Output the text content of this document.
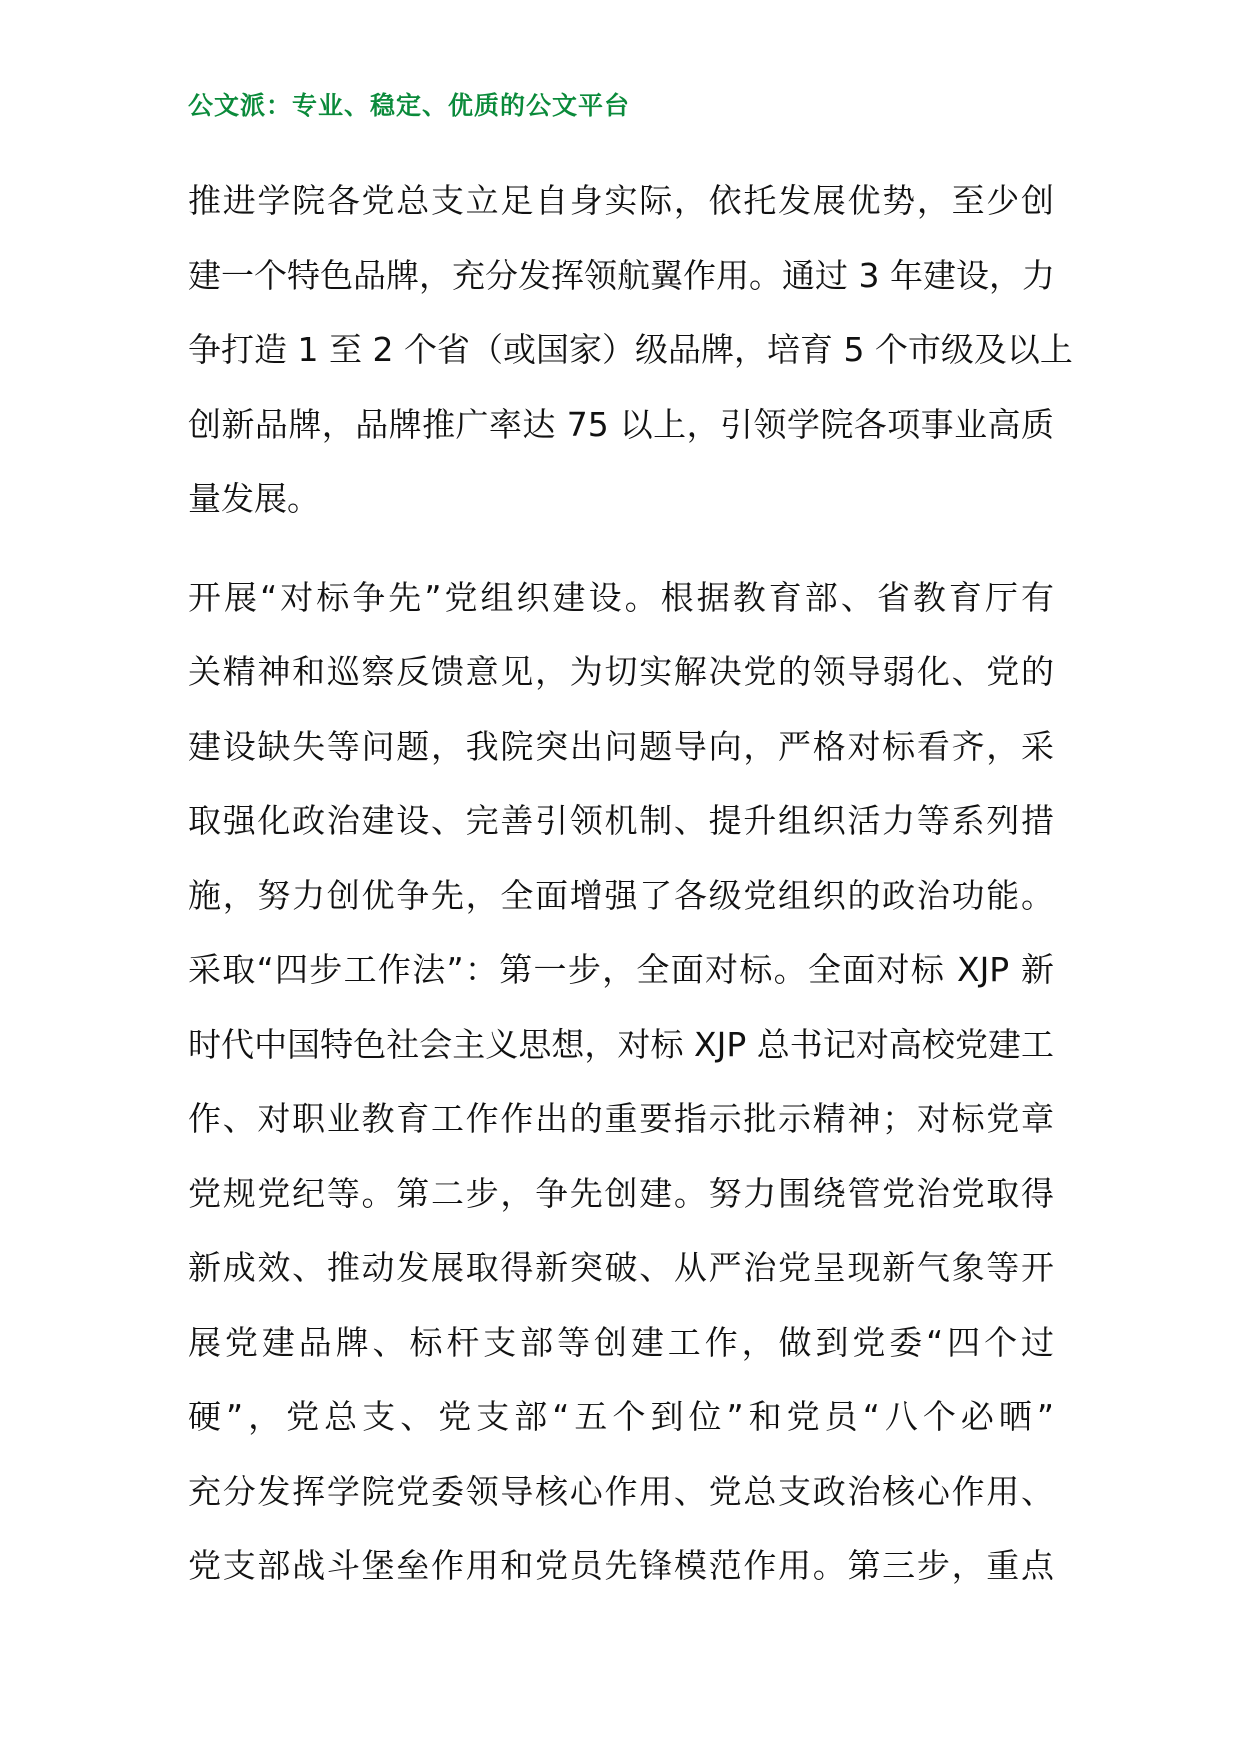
公文派：专业、稳定、优质的公文平台
推进学院各党总支立足自身实际，依托发展优势，至少创
建一个特色品牌，充分发挥领航翼作用。通过 3 年建设，力
争打造 1 至 2 个省（或国家）级品牌，培育 5 个市级及以上
创新品牌，品牌推广率达 75 以上，引领学院各项事业高质
量发展。
开展“对标争先”党组织建设。根据教育部、省教育厅有
关精神和巡察反馈意见，为切实解决党的领导弱化、党的
建设缺失等问题，我院突出问题导向，严格对标看齐，采
取强化政治建设、完善引领机制、提升组织活力等系列措
施，努力创优争先，全面增强了各级党组织的政治功能。
采取“四步工作法”：第一步，全面对标。全面对标 XJP 新
时代中国特色社会主义思想，对标 XJP 总书记对高校党建工
作、对职业教育工作作出的重要指示批示精神；对标党章
党规党纪等。第二步，争先创建。努力围绕管党治党取得
新成效、推动发展取得新突破、从严治党呈现新气象等开
展党建品牌、标杆支部等创建工作，做到党委“四个过
硬”，党总支、党支部“五个到位”和党员“八个必晒”
充分发挥学院党委领导核心作用、党总支政治核心作用、
党支部战斗堡垒作用和党员先锋模范作用。第三步，重点
